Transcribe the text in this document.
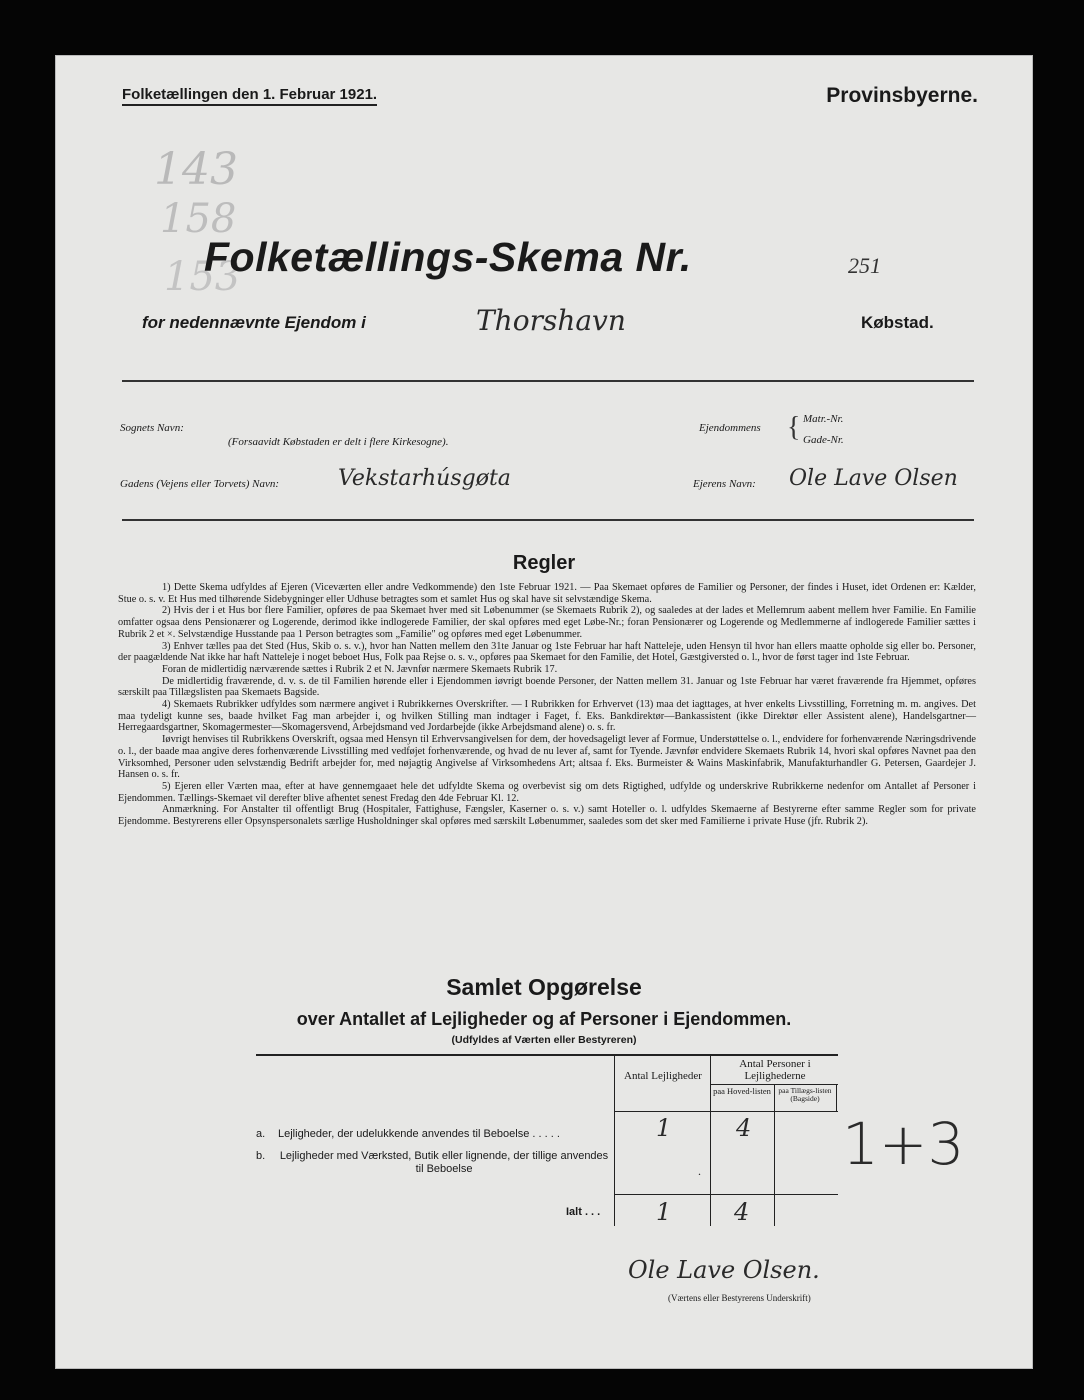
143
158
153
Folketællingen den 1. Februar 1921.	Provinsbyerne.
Folketællings-Skema Nr.	251
for nedennævnte Ejendom i	Thorshavn	Købstad.
Sognets Navn:
(Forsaavidt Købstaden er delt i flere Kirkesogne).
Ejendommens { Matr.-Nr.
Gade-Nr.
Gadens (Vejens eller Torvets) Navn:	Vekstarhúsgøta	Ejerens Navn: Ole Lave Olsen
Regler

1) Dette Skema udfyldes af Ejeren (Viceværten eller andre Vedkommende) den 1ste Februar 1921. — Paa Skemaet opføres de Familier og Personer, der findes i Huset, idet Ordenen er: Kælder, Stue o. s. v. Et Hus med tilhørende Sidebygninger eller Udhuse betragtes som et samlet Hus og skal have sit selvstændige Skema.

2) Hvis der i et Hus bor flere Familier, opføres de paa Skemaet hver med sit Løbenummer (se Skemaets Rubrik 2), og saaledes at der lades et Mellemrum aabent mellem hver Familie. En Familie omfatter ogsaa dens Pensionærer og Logerende, derimod ikke indlogerede Familier, der skal opføres med eget Løbe-Nr.; foran Pensionærer og Logerende og Medlemmerne af indlogerede Familier sættes i Rubrik 2 et ×. Selvstændige Husstande paa 1 Person betragtes som „Familie" og opføres med eget Løbenummer.

3) Enhver tælles paa det Sted (Hus, Skib o. s. v.), hvor han Natten mellem den 31te Januar og 1ste Februar har haft Natteleje, uden Hensyn til hvor han ellers maatte opholde sig eller bo. Personer, der paagældende Nat ikke har haft Natteleje i noget beboet Hus, Folk paa Rejse o. s. v., opføres paa Skemaet for den Familie, det Hotel, Gæstgiversted o. l., hvor de først tager ind 1ste Februar.

Foran de midlertidig nærværende sættes i Rubrik 2 et N. Jævnfør nærmere Skemaets Rubrik 17.

De midlertidig fraværende, d. v. s. de til Familien hørende eller i Ejendommen iøvrigt boende Personer, der Natten mellem 31. Januar og 1ste Februar har været fraværende fra Hjemmet, opføres særskilt paa Tillægslisten paa Skemaets Bagside.

4) Skemaets Rubrikker udfyldes som nærmere angivet i Rubrikkernes Overskrifter. — I Rubrikken for Erhvervet (13) maa det iagttages, at hver enkelts Livsstilling, Forretning m. m. angives. Det maa tydeligt kunne ses, baade hvilket Fag man arbejder i, og hvilken Stilling man indtager i Faget, f. Eks. Bankdirektør—Bankassistent (ikke Direktør eller Assistent alene), Handelsgartner—Herregaardsgartner, Skomagermester—Skomagersvend, Arbejdsmand ved Jordarbejde (ikke Arbejdsmand alene) o. s. fr.

Iøvrigt henvises til Rubrikkens Overskrift, ogsaa med Hensyn til Erhvervsangivelsen for dem, der hovedsageligt lever af Formue, Understøttelse o. l., endvidere for forhenværende Næringsdrivende o. l., der baade maa angive deres forhenværende Livsstilling med vedføjet forhenværende, og hvad de nu lever af, samt for Tyende. Jævnfør endvidere Skemaets Rubrik 14, hvori skal opføres Navnet paa den Virksomhed, Personer uden selvstændig Bedrift arbejder for, med nøjagtig Angivelse af Virksomhedens Art; altsaa f. Eks. Burmeister & Wains Maskinfabrik, Manufakturhandler G. Petersen, Gaardejer J. Hansen o. s. fr.

5) Ejeren eller Værten maa, efter at have gennemgaaet hele det udfyldte Skema og overbevist sig om dets Rigtighed, udfylde og underskrive Rubrikkerne nedenfor om Antallet af Personer i Ejendommen. Tællings-Skemaet vil derefter blive afhentet senest Fredag den 4de Februar Kl. 12.

Anmærkning. For Anstalter til offentligt Brug (Hospitaler, Fattighuse, Fængsler, Kaserner o. s. v.) samt Hoteller o. l. udfyldes Skemaerne af Bestyrerne efter samme Regler som for private Ejendomme. Bestyrerens eller Opsynspersonalets særlige Husholdninger skal opføres med særskilt Løbenummer, saaledes som det sker med Familierne i private Huse (jfr. Rubrik 2).

Samlet Opgørelse
over Antallet af Lejligheder og af Personer i Ejendommen.
(Udfyldes af Værten eller Bestyreren)
Antal Lejligheder
Antal Personer i Lejlighederne
paa Hoved-listen	paa Tillægs-listen (Bagside)
a. Lejligheder, der udelukkende anvendes til Beboelse . . . . .	1	4
b. Lejligheder med Værksted, Butik eller lignende, der tillige anvendes til Beboelse	.
Ialt . . . 1	4
1+3
Ole Lave Olsen.
(Værtens eller Bestyrerens Underskrift)
